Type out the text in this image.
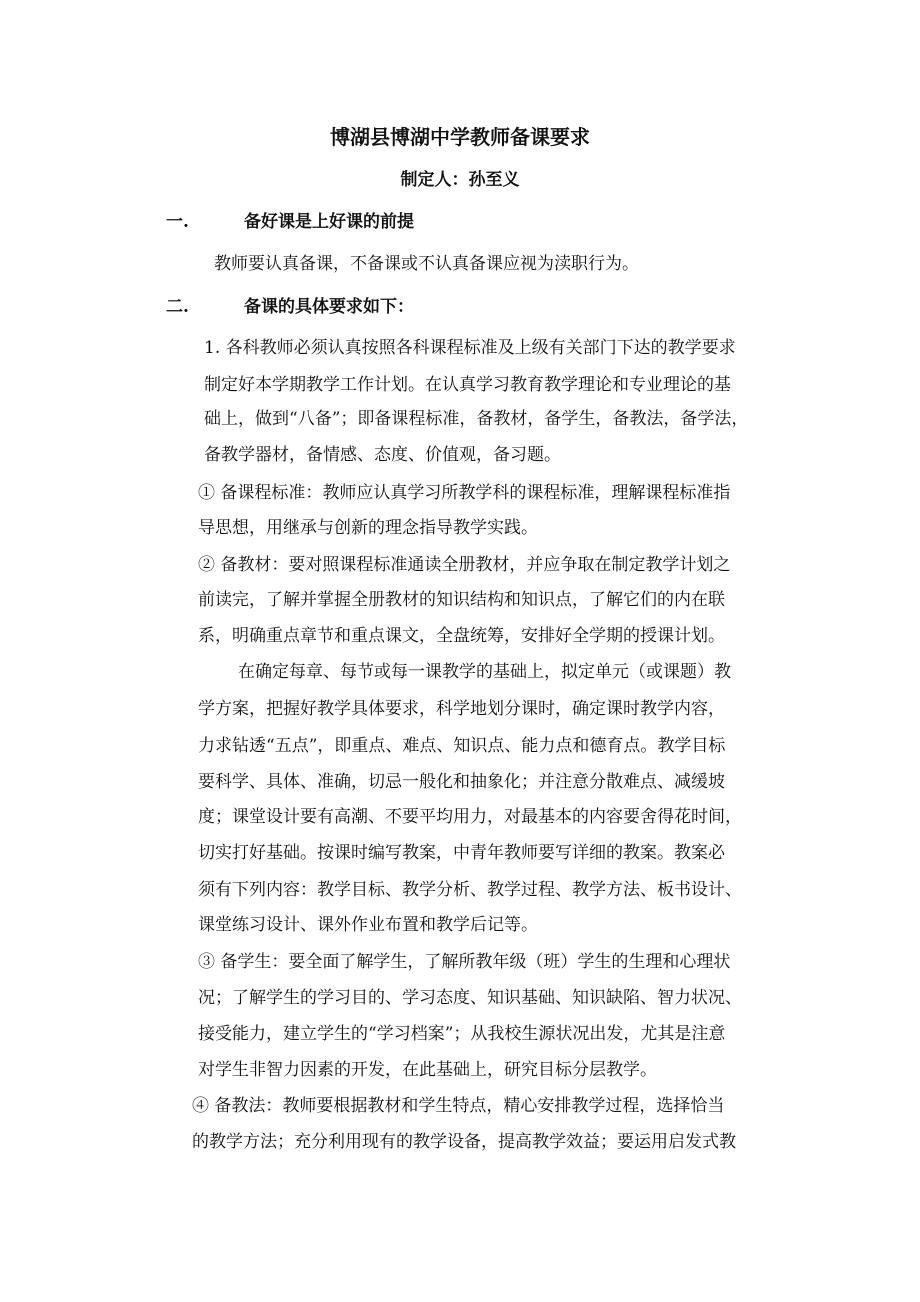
博湖县博湖中学教师备课要求
制定人：孙至义
一.	备好课是上好课的前提
教师要认真备课，不备课或不认真备课应视为渎职行为。
二.	备课的具体要求如下：
1. 各科教师必须认真按照各科课程标准及上级有关部门下达的教学要求
制定好本学期教学工作计划。在认真学习教育教学理论和专业理论的基
础上，做到“八备”；即备课程标准，备教材，备学生，备教法，备学法，
备教学器材，备情感、态度、价值观，备习题。
① 备课程标准：教师应认真学习所教学科的课程标准，理解课程标准指
导思想，用继承与创新的理念指导教学实践。
② 备教材：要对照课程标准通读全册教材，并应争取在制定教学计划之
前读完，了解并掌握全册教材的知识结构和知识点，了解它们的内在联
系，明确重点章节和重点课文，全盘统筹，安排好全学期的授课计划。
在确定每章、每节或每一课教学的基础上，拟定单元（或课题）教
学方案，把握好教学具体要求，科学地划分课时，确定课时教学内容，
力求钻透“五点”，即重点、难点、知识点、能力点和德育点。教学目标
要科学、具体、准确，切忌一般化和抽象化；并注意分散难点、减缓坡
度；课堂设计要有高潮、不要平均用力，对最基本的内容要舍得花时间，
切实打好基础。按课时编写教案，中青年教师要写详细的教案。教案必
须有下列内容：教学目标、教学分析、教学过程、教学方法、板书设计、
课堂练习设计、课外作业布置和教学后记等。
③ 备学生：要全面了解学生，了解所教年级（班）学生的生理和心理状
况；了解学生的学习目的、学习态度、知识基础、知识缺陷、智力状况、
接受能力，建立学生的“学习档案”；从我校生源状况出发，尤其是注意
对学生非智力因素的开发，在此基础上，研究目标分层教学。
④ 备教法：教师要根据教材和学生特点，精心安排教学过程，选择恰当
的教学方法；充分利用现有的教学设备，提高教学效益；要运用启发式教
